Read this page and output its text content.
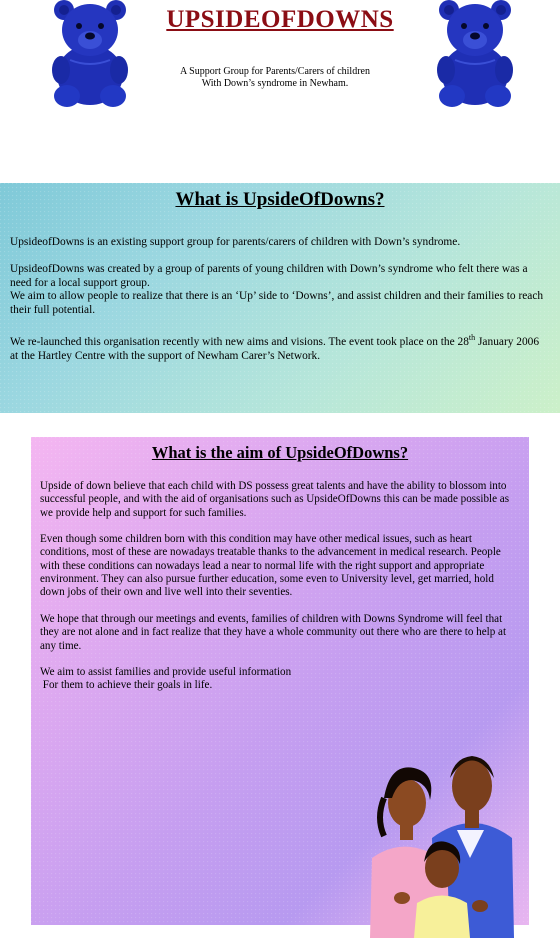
UPSIDEOFDOWNS
A Support Group for Parents/Carers of children
With Down’s syndrome in Newham.
What is UpsideOfDowns?

UpsideofDowns is an existing support group for parents/carers of children with Down’s syndrome.

UpsideofDowns was created by a group of parents of young children with Down’s syndrome who felt there was a need for a local support group.
We aim to allow people to realize that there is an ‘Up’ side to ‘Downs’, and assist children and their families to reach their full potential.

We re-launched this organisation recently with new aims and visions. The event took place on the 28th January 2006 at the Hartley Centre with the support of Newham Carer’s Network.

What is the aim of UpsideOfDowns?

Upside of down believe that each child with DS possess great talents and have the ability to blossom into successful people, and with the aid of organisations such as UpsideOfDowns this can be made possible as we provide help and support for such families.

Even though some children born with this condition may have other medical issues, such as heart conditions, most of these are nowadays treatable thanks to the advancement in medical research. People with these conditions can nowadays lead a near to normal life with the right support and appropriate environment. They can also pursue further education, some even to University level, get married, hold down jobs of their own and live well into their seventies.

We hope that through our meetings and events, families of children with Downs Syndrome will feel that they are not alone and in fact realize that they have a whole community out there who are there to help at any time.

We aim to assist families and provide useful information
For them to achieve their goals in life.
